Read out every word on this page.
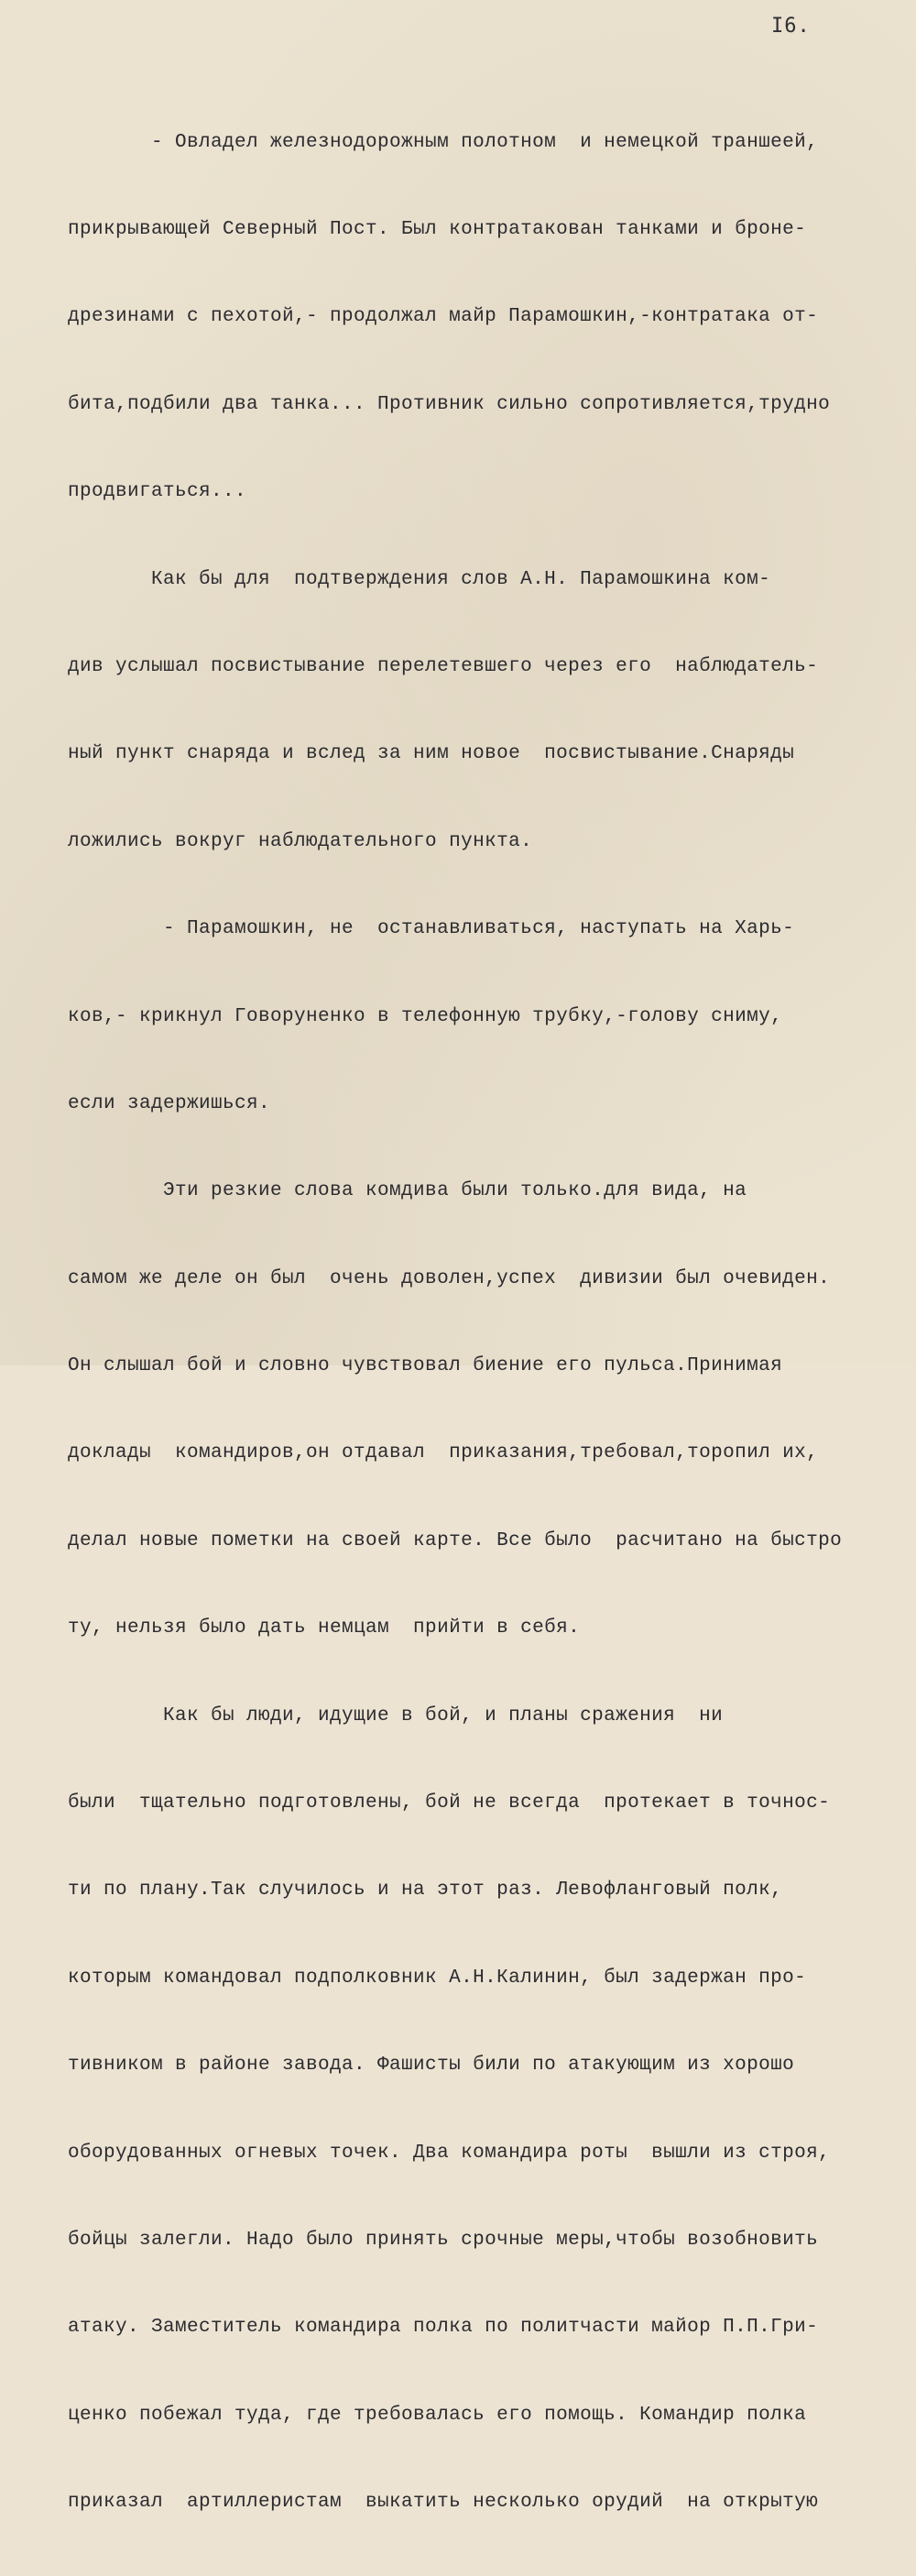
I6.

- Овладел железнодорожным полотном  и немецкой траншеей,

прикрывающей Северный Пост. Был контратакован танками и броне-

дрезинами с пехотой,- продолжал майр Парамошкин,-контратака от-

бита,подбили два танка... Противник сильно сопротивляется,трудно

продвигаться...

Как бы для  подтверждения слов А.Н. Парамошкина ком-

див услышал посвистывание перелетевшего через его  наблюдатель-

ный пункт снаряда и вслед за ним новое  посвистывание.Снаряды

ложились вокруг наблюдательного пункта.

- Парамошкин, не  останавливаться, наступать на Харь-

ков,- крикнул Говоруненко в телефонную трубку,-голову сниму,

если задержишься.

Эти резкие слова комдива были только.для вида, на

самом же деле он был  очень доволен,успех  дивизии был очевиден.

Он слышал бой и словно чувствовал биение его пульса.Принимая

доклады  командиров,он отдавал  приказания,требовал,торопил их,

делал новые пометки на своей карте. Все было  расчитано на быстро

ту, нельзя было дать немцам  прийти в себя.

Как бы люди, идущие в бой, и планы сражения  ни

были  тщательно подготовлены, бой не всегда  протекает в точнос-

ти по плану.Так случилось и на этот раз. Левофланговый полк,

которым командовал подполковник А.Н.Калинин, был задержан про-

тивником в районе завода. Фашисты били по атакующим из хорошо

оборудованных огневых точек. Два командира роты  вышли из строя,

бойцы залегли. Надо было принять срочные меры,чтобы возобновить

атаку. Заместитель командира полка по политчасти майор П.П.Гри-

ценко побежал туда, где требовалась его помощь. Командир полка

приказал  артиллеристам  выкатить несколько орудий  на открытую
